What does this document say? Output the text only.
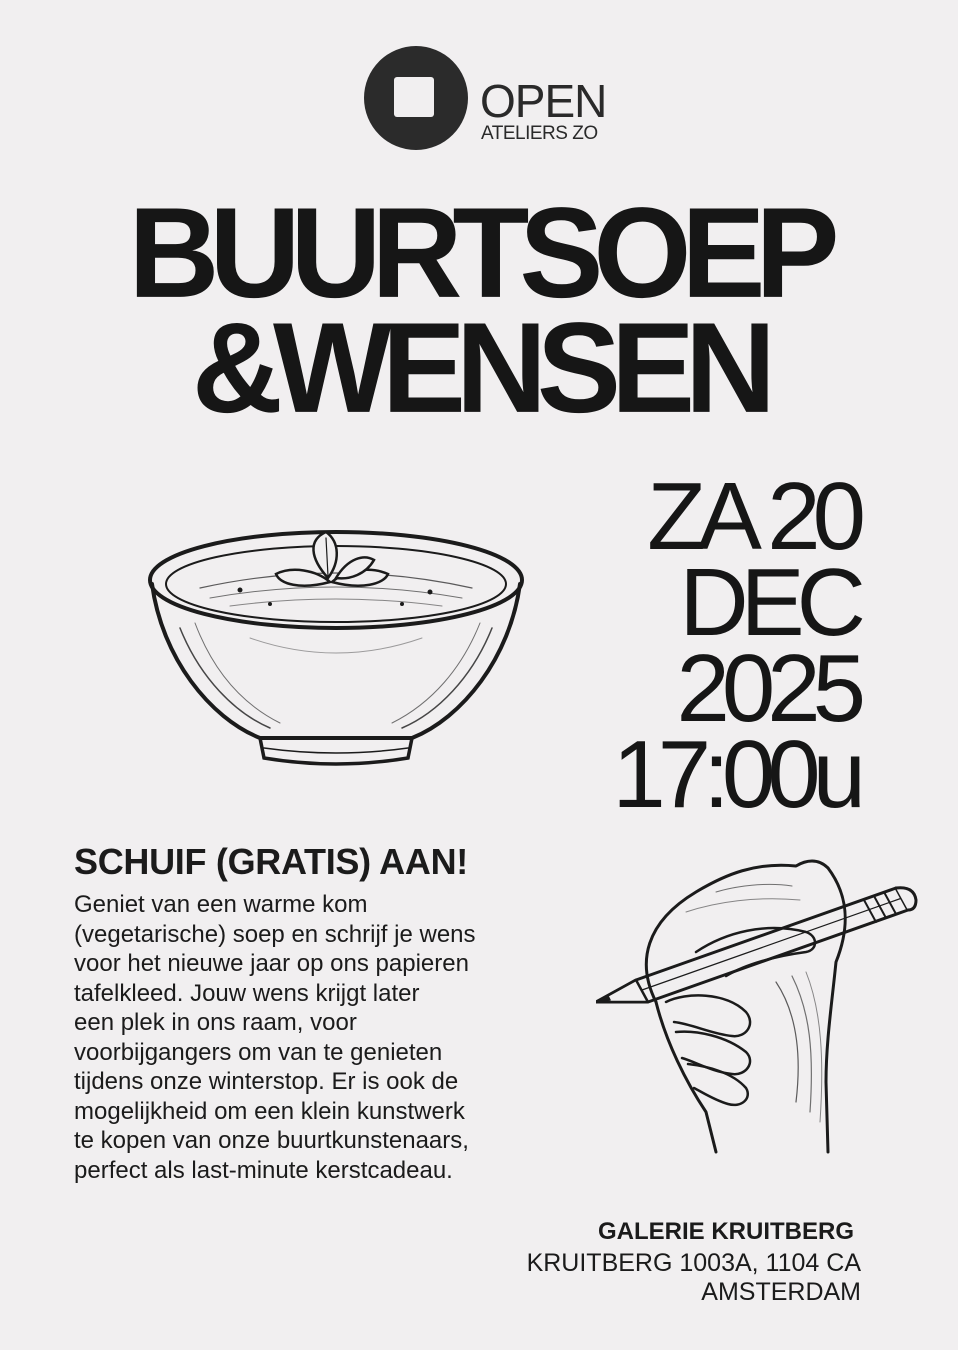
OPEN
ATELIERS ZO
BUURTSOEP
&WENSEN
ZA 20
DEC
2025
17:00u
SCHUIF (GRATIS) AAN!
Geniet van een warme kom
(vegetarische) soep en schrijf je wens
voor het nieuwe jaar op ons papieren
tafelkleed. Jouw wens krijgt later
een plek in ons raam, voor
voorbijgangers om van te genieten
tijdens onze winterstop. Er is ook de
mogelijkheid om een klein kunstwerk
te kopen van onze buurtkunstenaars,
perfect als last-minute kerstcadeau.
GALERIE KRUITBERG
KRUITBERG 1003A, 1104 CA
AMSTERDAM
